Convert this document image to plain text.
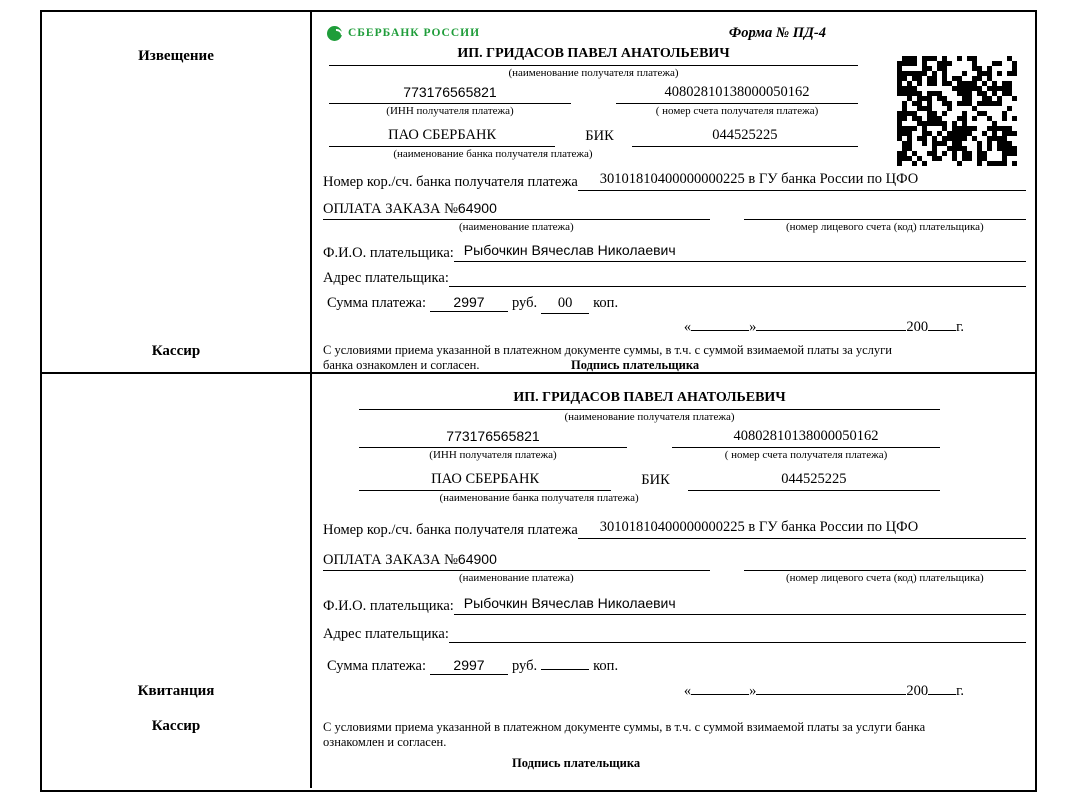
Извещение
Кассир
СБЕРБАНК РОССИИ	Форма № ПД-4
ИП. ГРИДАСОВ ПАВЕЛ АНАТОЛЬЕВИЧ
(наименование получателя платежа)
773176565821
(ИНН получателя платежа)
40802810138000050162
( номер счета получателя платежа)
ПАО СБЕРБАНК	БИК	044525225
(наименование банка получателя платежа)
Номер кор./сч. банка получателя платежа	30101810400000000225 в ГУ банка России по ЦФО
ОПЛАТА ЗАКАЗА №64900
(наименование платежа)	(номер лицевого счета (код) плательщика)
Ф.И.О. плательщика: Рыбочкин Вячеслав Николаевич
Адрес плательщика:
Сумма платежа:	2997	руб.	00	коп.
«	»	200 г.
С условиями приема указанной в платежном документе суммы, в т.ч. с суммой взимаемой платы за услуги банка ознакомлен и согласен.	Подпись плательщика
Квитанция
Кассир
ИП. ГРИДАСОВ ПАВЕЛ АНАТОЛЬЕВИЧ
(наименование получателя платежа)
773176565821
(ИНН получателя платежа)
40802810138000050162
( номер счета получателя платежа)
ПАО СБЕРБАНК	БИК	044525225
(наименование банка получателя платежа)
Номер кор./сч. банка получателя платежа	30101810400000000225 в ГУ банка России по ЦФО
ОПЛАТА ЗАКАЗА №64900
(наименование платежа)	(номер лицевого счета (код) плательщика)
Ф.И.О. плательщика: Рыбочкин Вячеслав Николаевич
Адрес плательщика:
Сумма платежа:	2997	руб.	коп.
«	»	200 г.
С условиями приема указанной в платежном документе суммы, в т.ч. с суммой взимаемой платы за услуги банка ознакомлен и согласен.
Подпись плательщика
